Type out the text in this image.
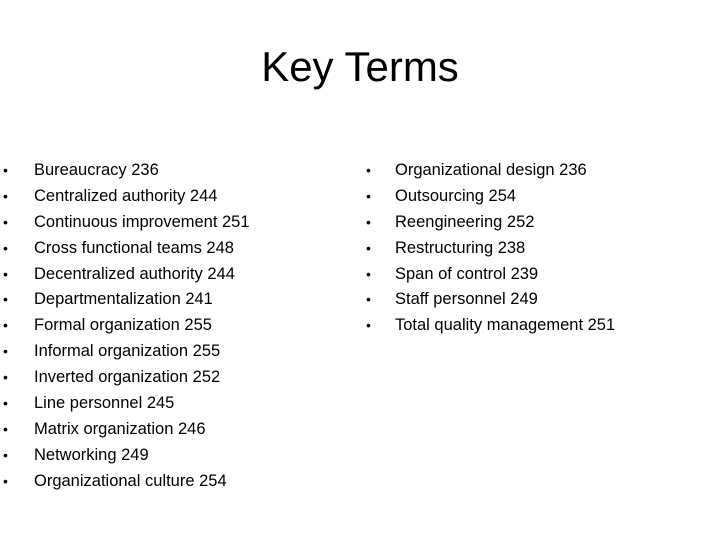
Key Terms
• Bureaucracy 236
• Centralized authority 244
• Continuous improvement 251
• Cross functional teams 248
• Decentralized authority 244
• Departmentalization 241
• Formal organization 255
• Informal organization 255
• Inverted organization 252
• Line personnel 245
• Matrix organization 246
• Networking 249
• Organizational culture 254
• Organizational design 236
• Outsourcing 254
• Reengineering 252
• Restructuring 238
• Span of control 239
• Staff personnel 249
• Total quality management 251
